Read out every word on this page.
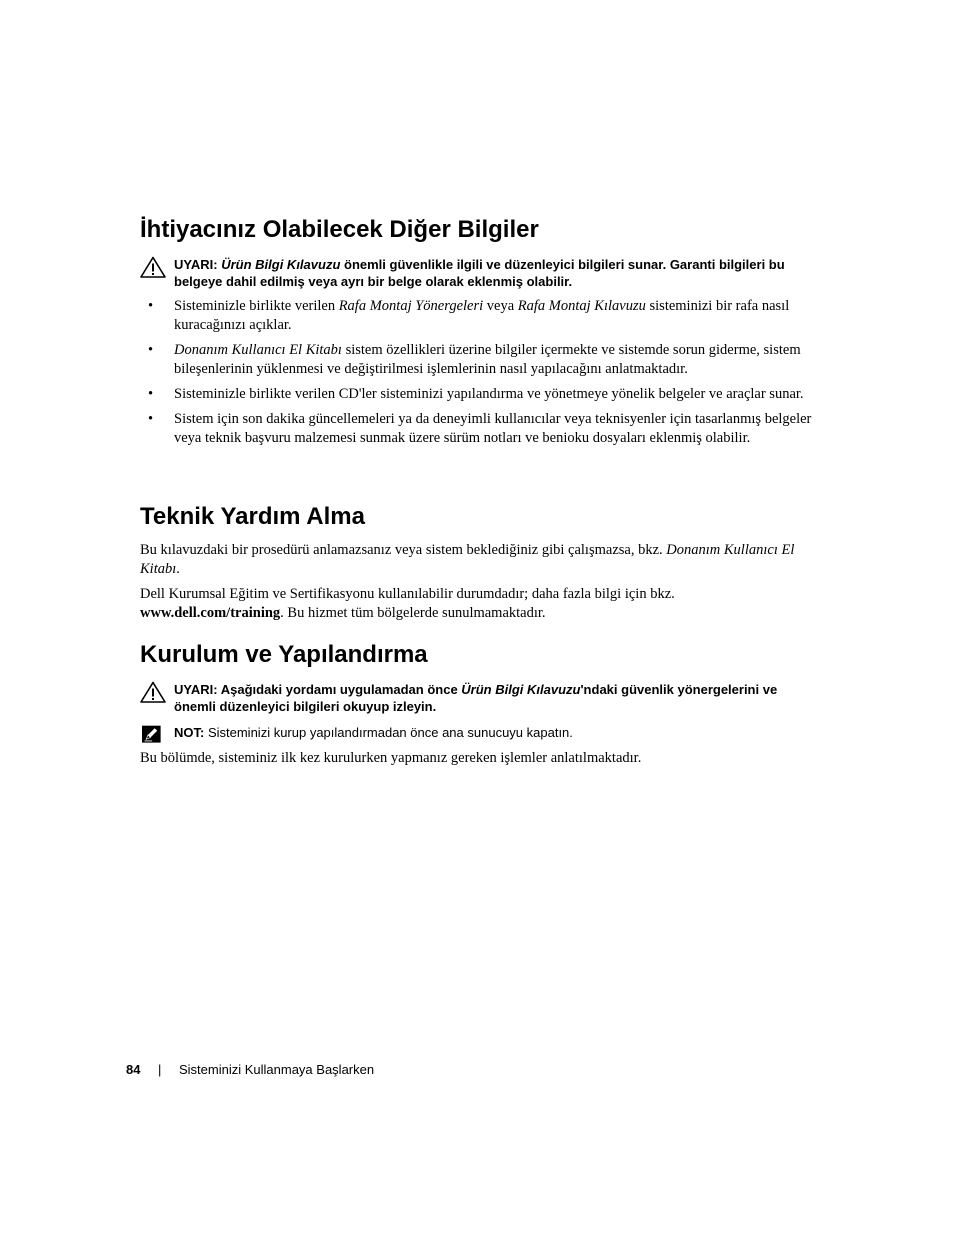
İhtiyacınız Olabilecek Diğer Bilgiler
UYARI: Ürün Bilgi Kılavuzu önemli güvenlikle ilgili ve düzenleyici bilgileri sunar. Garanti bilgileri bu belgeye dahil edilmiş veya ayrı bir belge olarak eklenmiş olabilir.
• Sisteminizle birlikte verilen Rafa Montaj Yönergeleri veya Rafa Montaj Kılavuzu sisteminizi bir rafa nasıl kuracağınızı açıklar.
• Donanım Kullanıcı El Kitabı sistem özellikleri üzerine bilgiler içermekte ve sistemde sorun giderme, sistem bileşenlerinin yüklenmesi ve değiştirilmesi işlemlerinin nasıl yapılacağını anlatmaktadır.
• Sisteminizle birlikte verilen CD'ler sisteminizi yapılandırma ve yönetmeye yönelik belgeler ve araçlar sunar.
• Sistem için son dakika güncellemeleri ya da deneyimli kullanıcılar veya teknisyenler için tasarlanmış belgeler veya teknik başvuru malzemesi sunmak üzere sürüm notları ve benioku dosyaları eklenmiş olabilir.
Teknik Yardım Alma

Bu kılavuzdaki bir prosedürü anlamazsanız veya sistem beklediğiniz gibi çalışmazsa, bkz. Donanım Kullanıcı El Kitabı.

Dell Kurumsal Eğitim ve Sertifikasyonu kullanılabilir durumdadır; daha fazla bilgi için bkz. www.dell.com/training. Bu hizmet tüm bölgelerde sunulmamaktadır.

Kurulum ve Yapılandırma
UYARI: Aşağıdaki yordamı uygulamadan önce Ürün Bilgi Kılavuzu'ndaki güvenlik yönergelerini ve önemli düzenleyici bilgileri okuyup izleyin.
NOT: Sisteminizi kurup yapılandırmadan önce ana sunucuyu kapatın.

Bu bölümde, sisteminiz ilk kez kurulurken yapmanız gereken işlemler anlatılmaktadır.

84 | Sisteminizi Kullanmaya Başlarken
